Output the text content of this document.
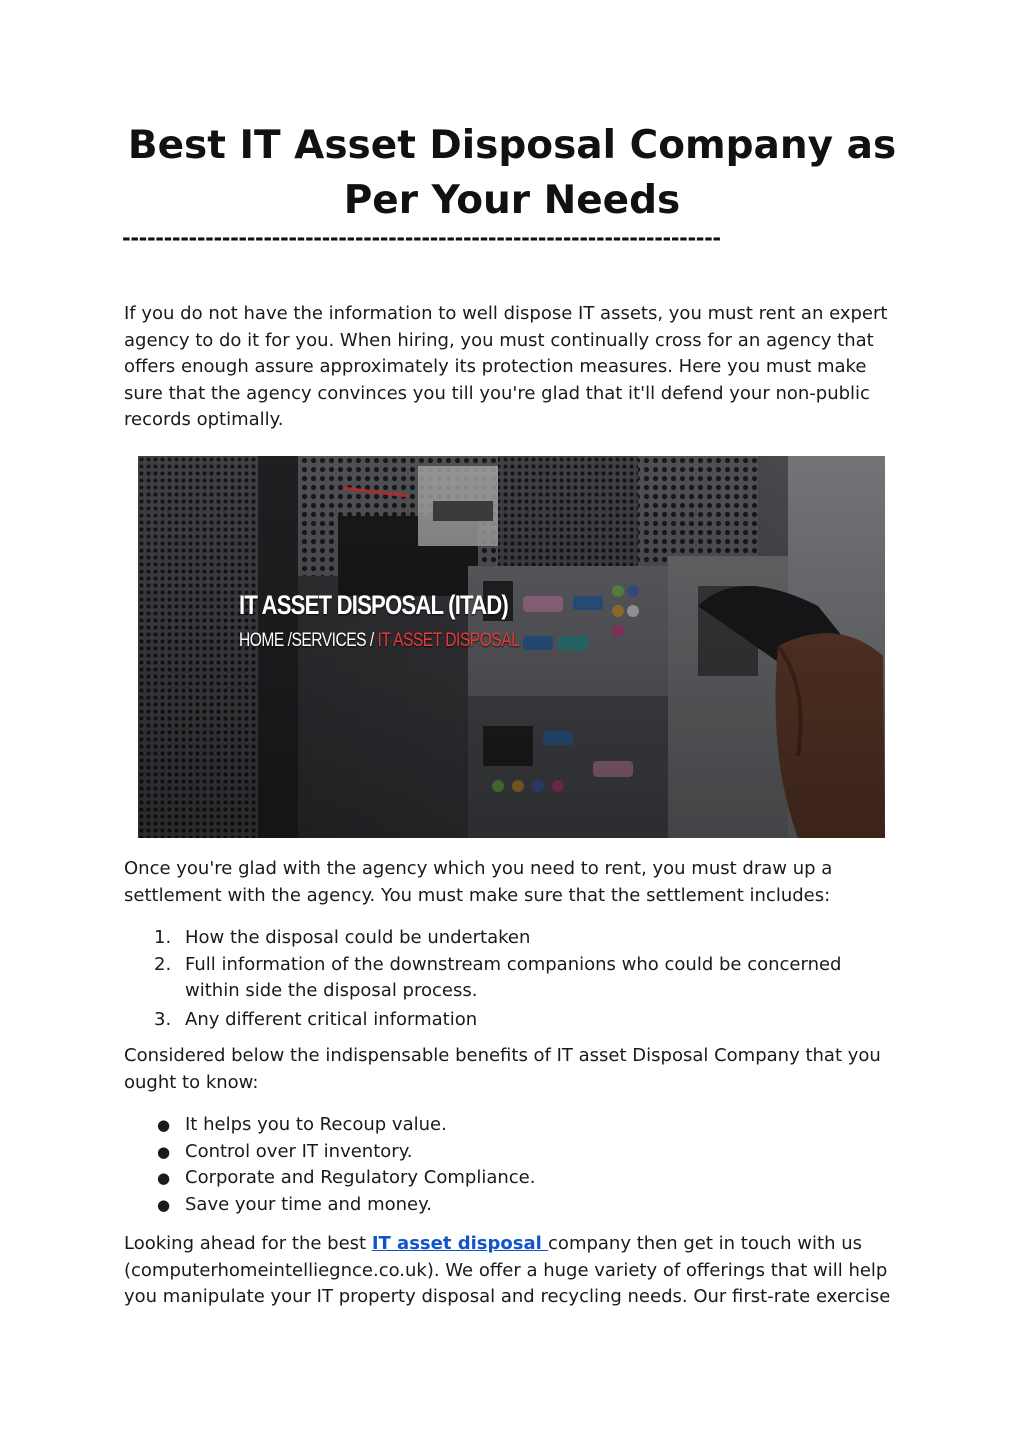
Best IT Asset Disposal Company as Per Your Needs
------------------------------------------------------------------------

If you do not have the information to well dispose IT assets, you must rent an expert agency to do it for you. When hiring, you must continually cross for an agency that offers enough assure approximately its protection measures. Here you must make sure that the agency convinces you till you're glad that it'll defend your non-public records optimally.

IT ASSET DISPOSAL (ITAD)
HOME /SERVICES / IT ASSET DISPOSAL

Once you're glad with the agency which you need to rent, you must draw up a settlement with the agency. You must make sure that the settlement includes:

1. How the disposal could be undertaken
2. Full information of the downstream companions who could be concerned within side the disposal process.
3. Any different critical information

Considered below the indispensable benefits of IT asset Disposal Company that you ought to know:

● It helps you to Recoup value.
● Control over IT inventory.
● Corporate and Regulatory Compliance.
● Save your time and money.

Looking ahead for the best IT asset disposal company then get in touch with us (computerhomeintelliegnce.co.uk). We offer a huge variety of offerings that will help you manipulate your IT property disposal and recycling needs. Our first-rate exercise
